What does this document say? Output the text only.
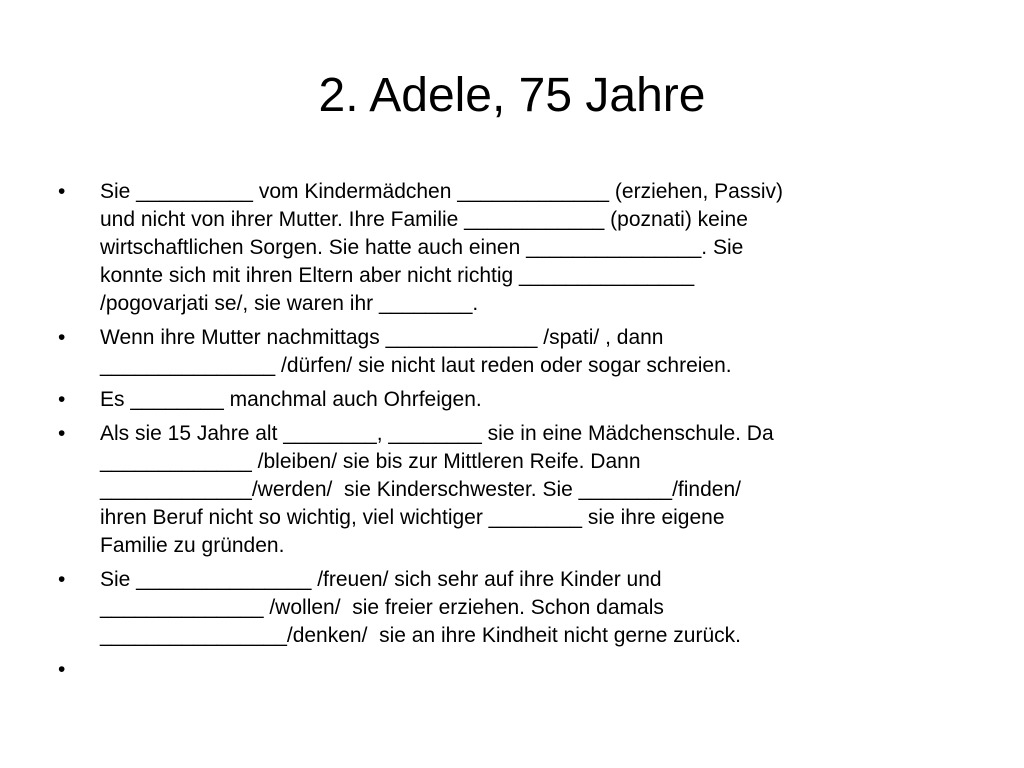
2. Adele, 75 Jahre
•	Sie __________ vom Kindermädchen _____________ (erziehen, Passiv)
und nicht von ihrer Mutter. Ihre Familie ____________ (poznati) keine
wirtschaftlichen Sorgen. Sie hatte auch einen _______________. Sie
konnte sich mit ihren Eltern aber nicht richtig _______________
/pogovarjati se/, sie waren ihr ________.
•	Wenn ihre Mutter nachmittags _____________ /spati/ , dann
_______________ /dürfen/ sie nicht laut reden oder sogar schreien.
•	Es ________ manchmal auch Ohrfeigen.
•	Als sie 15 Jahre alt ________, ________ sie in eine Mädchenschule. Da
_____________ /bleiben/ sie bis zur Mittleren Reife. Dann
_____________/werden/  sie Kinderschwester. Sie ________/finden/
ihren Beruf nicht so wichtig, viel wichtiger ________ sie ihre eigene
Familie zu gründen.
•	Sie _______________ /freuen/ sich sehr auf ihre Kinder und
______________ /wollen/  sie freier erziehen. Schon damals
________________/denken/  sie an ihre Kindheit nicht gerne zurück.
•
